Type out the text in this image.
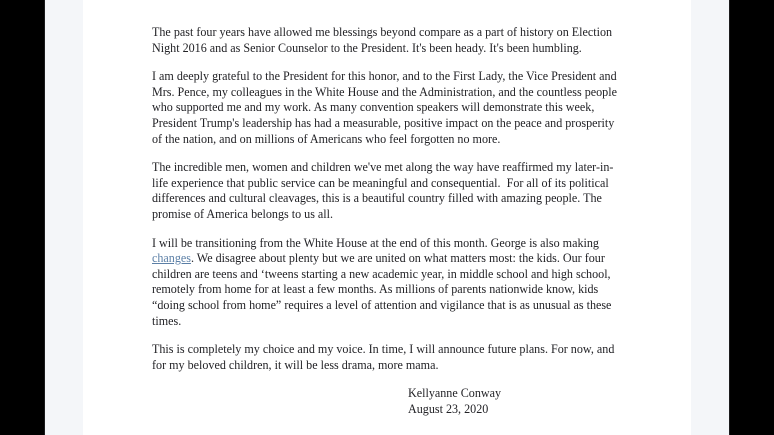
The past four years have allowed me blessings beyond compare as a part of history on Election Night 2016 and as Senior Counselor to the President. It's been heady. It's been humbling.

I am deeply grateful to the President for this honor, and to the First Lady, the Vice President and Mrs. Pence, my colleagues in the White House and the Administration, and the countless people who supported me and my work. As many convention speakers will demonstrate this week, President Trump's leadership has had a measurable, positive impact on the peace and prosperity of the nation, and on millions of Americans who feel forgotten no more.

The incredible men, women and children we've met along the way have reaffirmed my later-in-life experience that public service can be meaningful and consequential.  For all of its political differences and cultural cleavages, this is a beautiful country filled with amazing people. The promise of America belongs to us all.

I will be transitioning from the White House at the end of this month. George is also making changes. We disagree about plenty but we are united on what matters most: the kids. Our four children are teens and ‘tweens starting a new academic year, in middle school and high school, remotely from home for at least a few months. As millions of parents nationwide know, kids “doing school from home” requires a level of attention and vigilance that is as unusual as these times.

This is completely my choice and my voice. In time, I will announce future plans. For now, and for my beloved children, it will be less drama, more mama.

Kellyanne Conway

August 23, 2020
